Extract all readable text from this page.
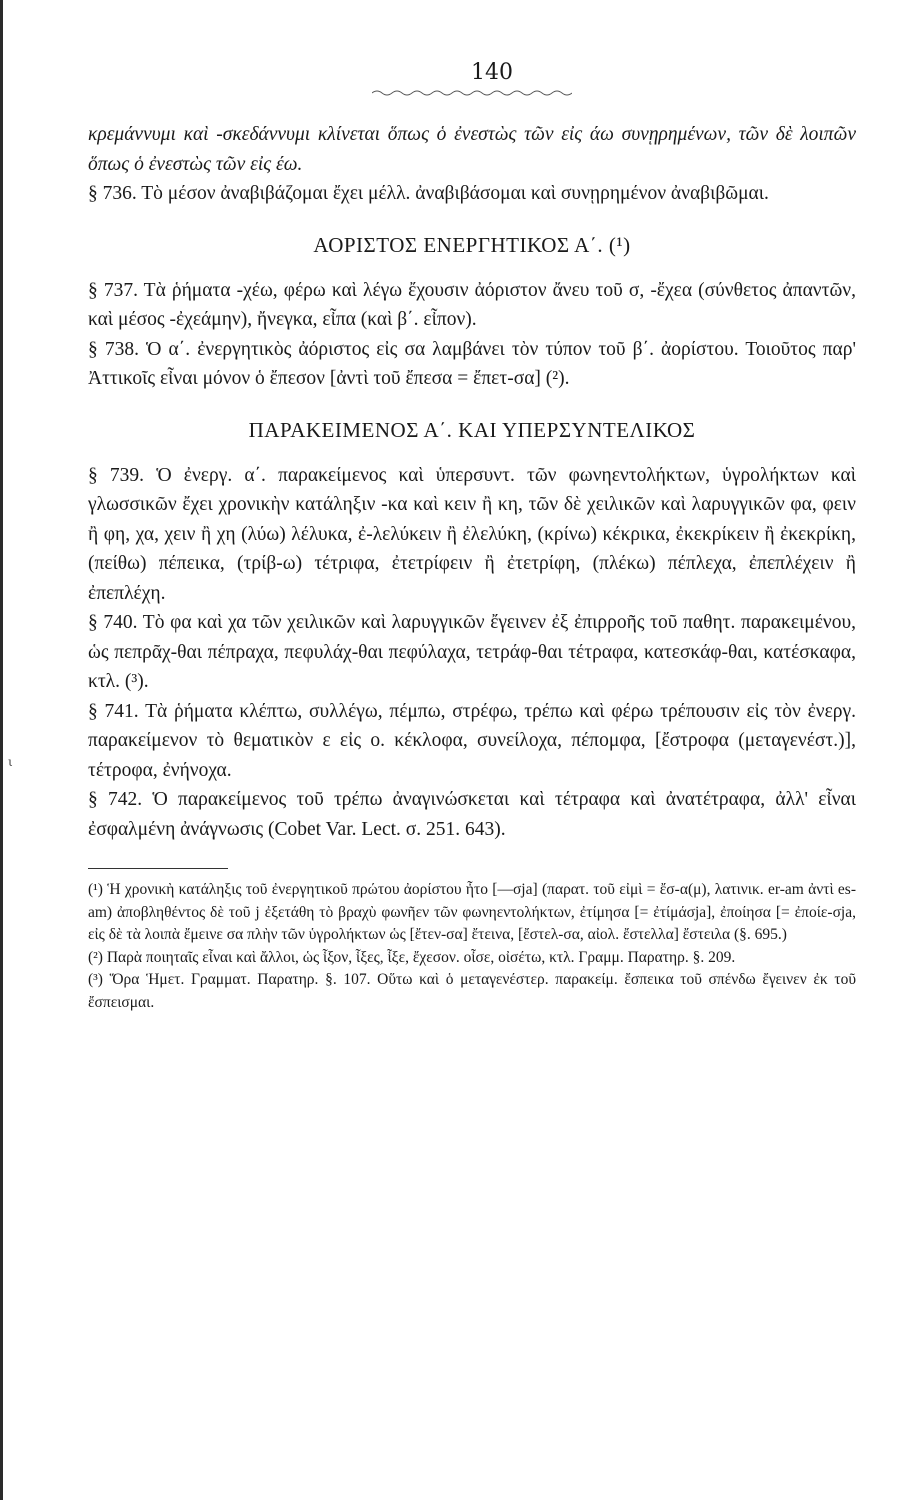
ι
140

κρεμάννυμι καὶ -σκεδάννυμι κλίνεται ὅπως ὁ ἐνεστὼς τῶν εἰς άω συνῃρημένων, τῶν δὲ λοιπῶν ὅπως ὁ ἐνεστὼς τῶν εἰς έω.

§ 736. Τὸ μέσον ἀναβιβάζομαι ἔχει μέλλ. ἀναβιβάσομαι καὶ συνῃρημένον ἀναβιβῶμαι.

ΑΟΡΙΣΤΟΣ ΕΝΕΡΓΗΤΙΚΟΣ Α΄. (¹)

§ 737. Τὰ ῥήματα -χέω, φέρω καὶ λέγω ἔχουσιν ἀόριστον ἄνευ τοῦ σ, -ἔχεα (σύνθετος ἀπαντῶν, καὶ μέσος -ἐχεάμην), ἤνεγκα, εἶπα (καὶ β΄. εἶπον).

§ 738. Ὁ α΄. ἐνεργητικὸς ἀόριστος εἰς σα λαμβάνει τὸν τύπον τοῦ β΄. ἀορίστου. Τοιοῦτος παρ' Ἀττικοῖς εἶναι μόνον ὁ ἔπεσον [ἀντὶ τοῦ ἔπεσα = ἔπετ-σα] (²).

ΠΑΡΑΚΕΙΜΕΝΟΣ Α΄. ΚΑΙ ΥΠΕΡΣΥΝΤΕΛΙΚΟΣ

§ 739. Ὁ ἐνεργ. α΄. παρακείμενος καὶ ὑπερσυντ. τῶν φωνηεντολήκτων, ὑγρολήκτων καὶ γλωσσικῶν ἔχει χρονικὴν κατάληξιν -κα καὶ κειν ἢ κη, τῶν δὲ χειλικῶν καὶ λαρυγγικῶν φα, φειν ἢ φη, χα, χειν ἢ χη (λύω) λέλυκα, ἐ-λελύκειν ἢ ἐλελύκη, (κρίνω) κέκρικα, ἐκεκρίκειν ἢ ἐκεκρίκη, (πείθω) πέπεικα, (τρίβ-ω) τέτριφα, ἐτετρίφειν ἢ ἐτετρίφη, (πλέκω) πέπλεχα, ἐπεπλέχειν ἢ ἐπεπλέχη.

§ 740. Τὸ φα καὶ χα τῶν χειλικῶν καὶ λαρυγγικῶν ἔγεινεν ἐξ ἐπιρροῆς τοῦ παθητ. παρακειμένου, ὡς πεπρᾶχ-θαι πέπραχα, πεφυλάχ-θαι πεφύλαχα, τετράφ-θαι τέτραφα, κατεσκάφ-θαι, κατέσκαφα, κτλ. (³).

§ 741. Τὰ ῥήματα κλέπτω, συλλέγω, πέμπω, στρέφω, τρέπω καὶ φέρω τρέπουσιν εἰς τὸν ἐνεργ. παρακείμενον τὸ θεματικὸν ε εἰς ο. κέκλοφα, συνείλοχα, πέπομφα, [ἔστροφα (μεταγενέστ.)], τέτροφα, ἐνήνοχα.

§ 742. Ὁ παρακείμενος τοῦ τρέπω ἀναγινώσκεται καὶ τέτραφα καὶ ἀνατέτραφα, ἀλλ' εἶναι ἐσφαλμένη ἀνάγνωσις (Cobet Var. Lect. σ. 251. 643).

(¹) Ἡ χρονικὴ κατάληξις τοῦ ἐνεργητικοῦ πρώτου ἀορίστου ἦτο [—σja] (παρατ. τοῦ εἰμὶ = ἔσ-α(μ), λατινικ. er-am ἀντὶ es-am) ἀποβληθέντος δὲ τοῦ j ἐξετάθη τὸ βραχὺ φωνῆεν τῶν φωνηεντολήκτων, ἐτίμησα [= ἐτίμάσja], ἐποίησα [= ἐποίε-σja, εἰς δὲ τὰ λοιπὰ ἔμεινε σα πλὴν τῶν ὑγρολήκτων ὡς [ἔτεν-σα] ἔτεινα, [ἔστελ-σα, αἰολ. ἔστελλα] ἔστειλα (§. 695.)

(²) Παρὰ ποιηταῖς εἶναι καὶ ἄλλοι, ὡς ἷξον, ἷξες, ἷξε, ἔχεσον. οἶσε, οἰσέτω, κτλ. Γραμμ. Παρατηρ. §. 209.

(³) Ὅρα Ἡμετ. Γραμματ. Παρατηρ. §. 107. Οὕτω καὶ ὁ μεταγενέστερ. παρακείμ. ἔσπεικα τοῦ σπένδω ἔγεινεν ἐκ τοῦ ἔσπεισμαι.
